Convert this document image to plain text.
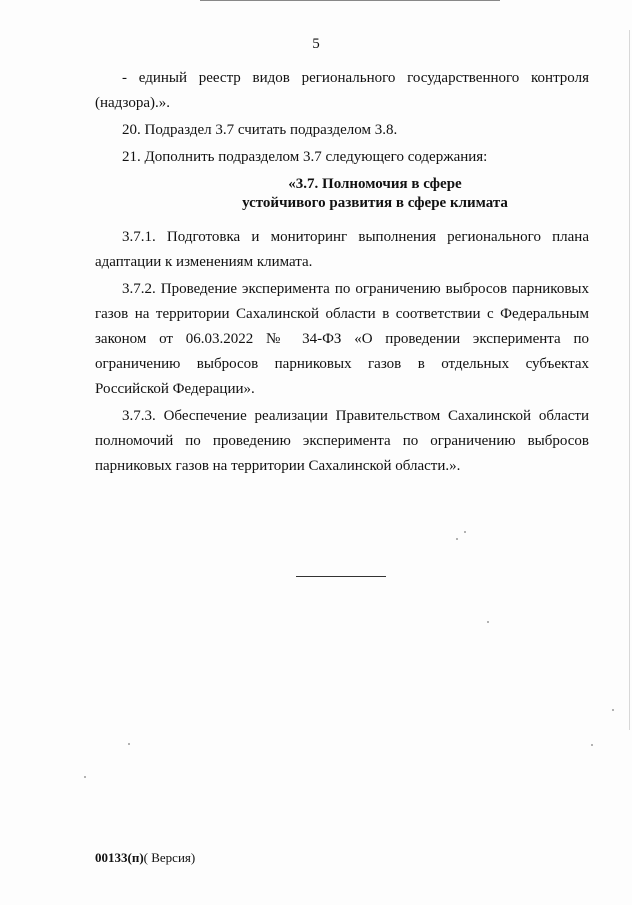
5

- единый реестр видов регионального государственного контроля (надзора).».

20. Подраздел 3.7 считать подразделом 3.8.

21. Дополнить подразделом 3.7 следующего содержания:

«3.7. Полномочия в сфере
устойчивого развития в сфере климата

3.7.1. Подготовка и мониторинг выполнения регионального плана адаптации к изменениям климата.

3.7.2. Проведение эксперимента по ограничению выбросов парниковых газов на территории Сахалинской области в соответствии с Федеральным законом от 06.03.2022 № 34-ФЗ «О проведении эксперимента по ограничению выбросов парниковых газов в отдельных субъектах Российской Федерации».

3.7.3. Обеспечение реализации Правительством Сахалинской области полномочий по проведению эксперимента по ограничению выбросов парниковых газов на территории Сахалинской области.».

00133(п)( Версия)
